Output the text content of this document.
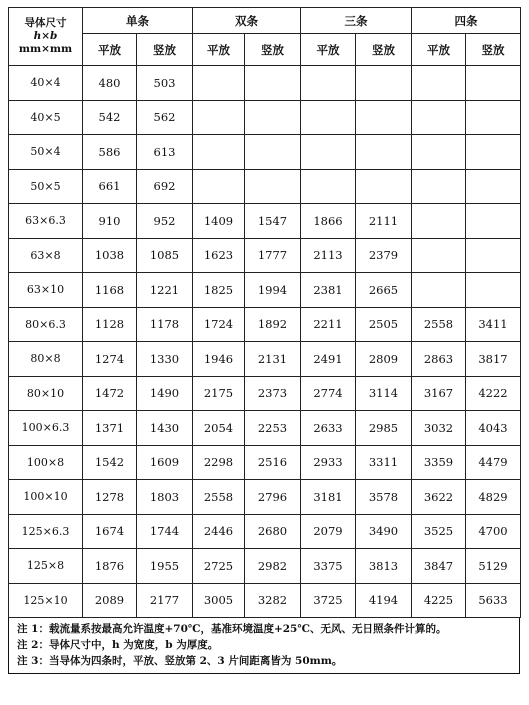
导体尺寸
h×b
mm×mm	单条		双条		三条		四条	
	平放	竖放	平放	竖放	平放	竖放	平放	竖放
40×4	480	503						
40×5	542	562						
50×4	586	613						
50×5	661	692						
63×6.3	910	952	1409	1547	1866	2111		
63×8	1038	1085	1623	1777	2113	2379		
63×10	1168	1221	1825	1994	2381	2665		
80×6.3	1128	1178	1724	1892	2211	2505	2558	3411
80×8	1274	1330	1946	2131	2491	2809	2863	3817
80×10	1472	1490	2175	2373	2774	3114	3167	4222
100×6.3	1371	1430	2054	2253	2633	2985	3032	4043
100×8	1542	1609	2298	2516	2933	3311	3359	4479
100×10	1278	1803	2558	2796	3181	3578	3622	4829
125×6.3	1674	1744	2446	2680	2079	3490	3525	4700
125×8	1876	1955	2725	2982	3375	3813	3847	5129
125×10	2089	2177	3005	3282	3725	4194	4225	5633
注 1：载流量系按最高允许温度+70℃，基准环境温度+25℃、无风、无日照条件计算的。
注 2：导体尺寸中，h 为宽度，b 为厚度。
注 3：当导体为四条时，平放、竖放第 2、3 片间距离皆为 50mm。
